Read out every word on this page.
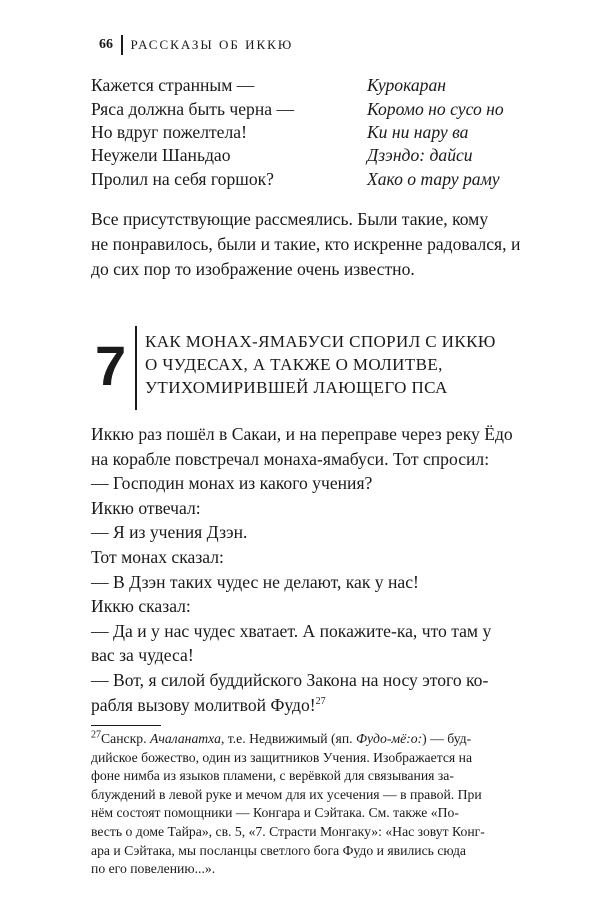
66 РАССКАЗЫ ОБ ИККЮ
Кажется странным —	Курокаран
Ряса должна быть черна —	Коромо но сусо но
Но вдруг пожелтела!	Ки ни нару ва
Неужели Шаньдао	Дзэндо: дайси
Пролил на себя горшок?	Хако о тару раму
Все присутствующие рассмеялись. Были такие, кому
не понравилось, были и такие, кто искренне радовался, и
до сих пор то изображение очень известно.
7 КАК МОНАХ-ЯМАБУСИ СПОРИЛ С ИККЮ
О ЧУДЕСАХ, А ТАКЖЕ О МОЛИТВЕ,
УТИХОМИРИВШЕЙ ЛАЮЩЕГО ПСА
Иккю раз пошёл в Сакаи, и на переправе через реку Ёдо
на корабле повстречал монаха-ямабуси. Тот спросил:
— Господин монах из какого учения?
Иккю отвечал:
— Я из учения Дзэн.
Тот монах сказал:
— В Дзэн таких чудес не делают, как у нас!
Иккю сказал:
— Да и у нас чудес хватает. А покажите-ка, что там у
вас за чудеса!
— Вот, я силой буддийского Закона на носу этого ко-
рабля вызову молитвой Фудо!$^{27}$
$^{27}$Санскр. Ачаланатха, т.е. Недвижимый (яп. Фудо-мё:о:) — буд-
дийское божество, один из защитников Учения. Изображается на
фоне нимба из языков пламени, с верёвкой для связывания за-
блуждений в левой руке и мечом для их усечения — в правой. При
нём состоят помощники — Конгара и Сэйтака. См. также «По-
весть о доме Тайра», св. 5, «7. Страсти Монгаку»: «Нас зовут Конг-
ара и Сэйтака, мы посланцы светлого бога Фудо и явились сюда
по его повелению...».
